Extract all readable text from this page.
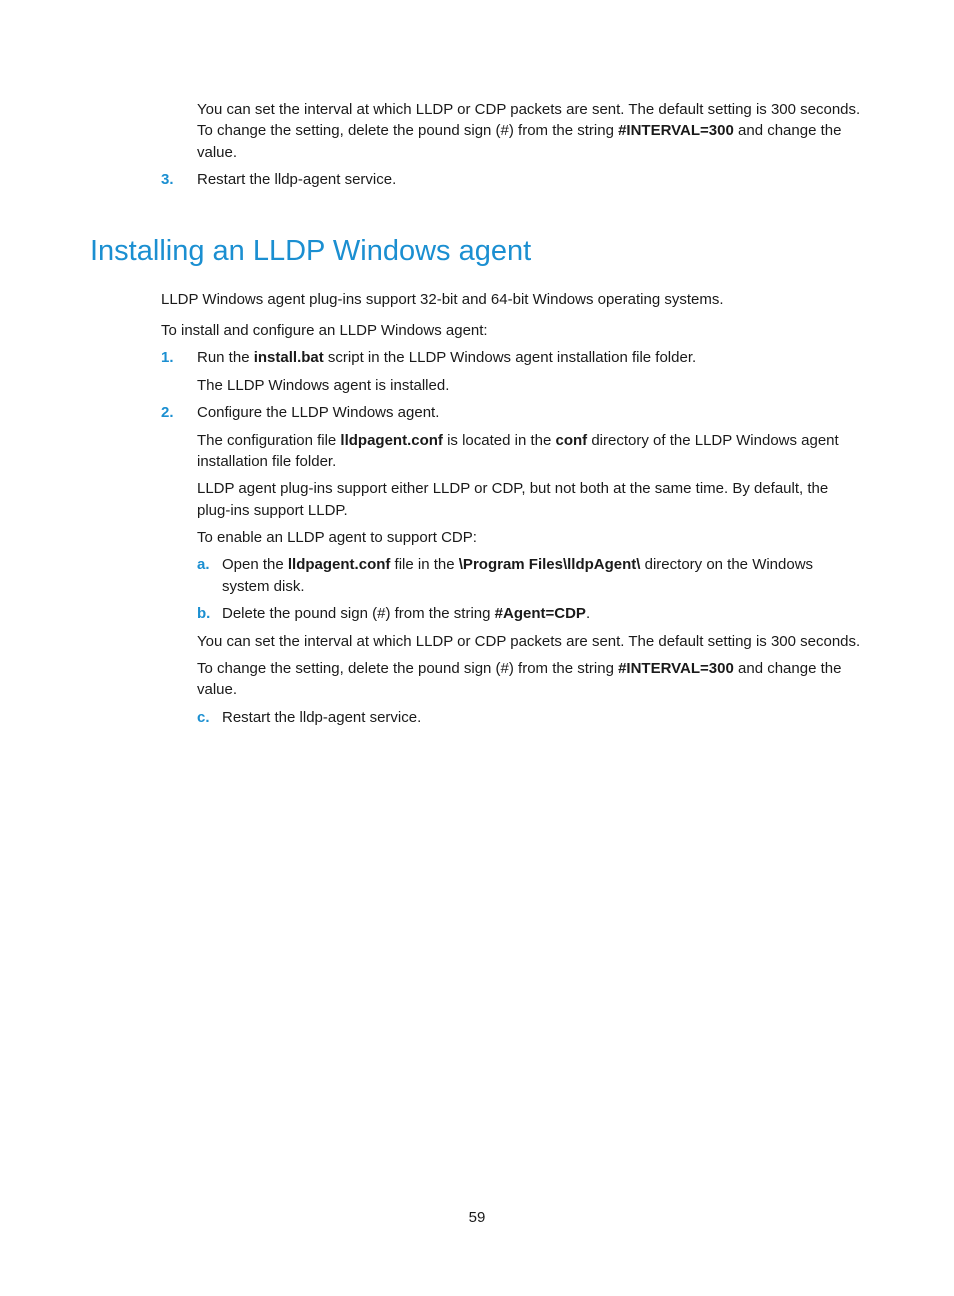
You can set the interval at which LLDP or CDP packets are sent. The default setting is 300 seconds.

To change the setting, delete the pound sign (#) from the string #INTERVAL=300 and change the

value.

3. Restart the lldp-agent service.

Installing an LLDP Windows agent

LLDP Windows agent plug-ins support 32-bit and 64-bit Windows operating systems.

To install and configure an LLDP Windows agent:

1. Run the install.bat script in the LLDP Windows agent installation file folder.

The LLDP Windows agent is installed.

2. Configure the LLDP Windows agent.

The configuration file lldpagent.conf is located in the conf directory of the LLDP Windows agent

installation file folder.

LLDP agent plug-ins support either LLDP or CDP, but not both at the same time. By default, the

plug-ins support LLDP.

To enable an LLDP agent to support CDP:

a. Open the lldpagent.conf file in the \Program Files\lldpAgent\ directory on the Windows

system disk.

b. Delete the pound sign (#) from the string #Agent=CDP.

You can set the interval at which LLDP or CDP packets are sent. The default setting is 300 seconds.

To change the setting, delete the pound sign (#) from the string #INTERVAL=300 and change the

value.

c. Restart the lldp-agent service.

59
